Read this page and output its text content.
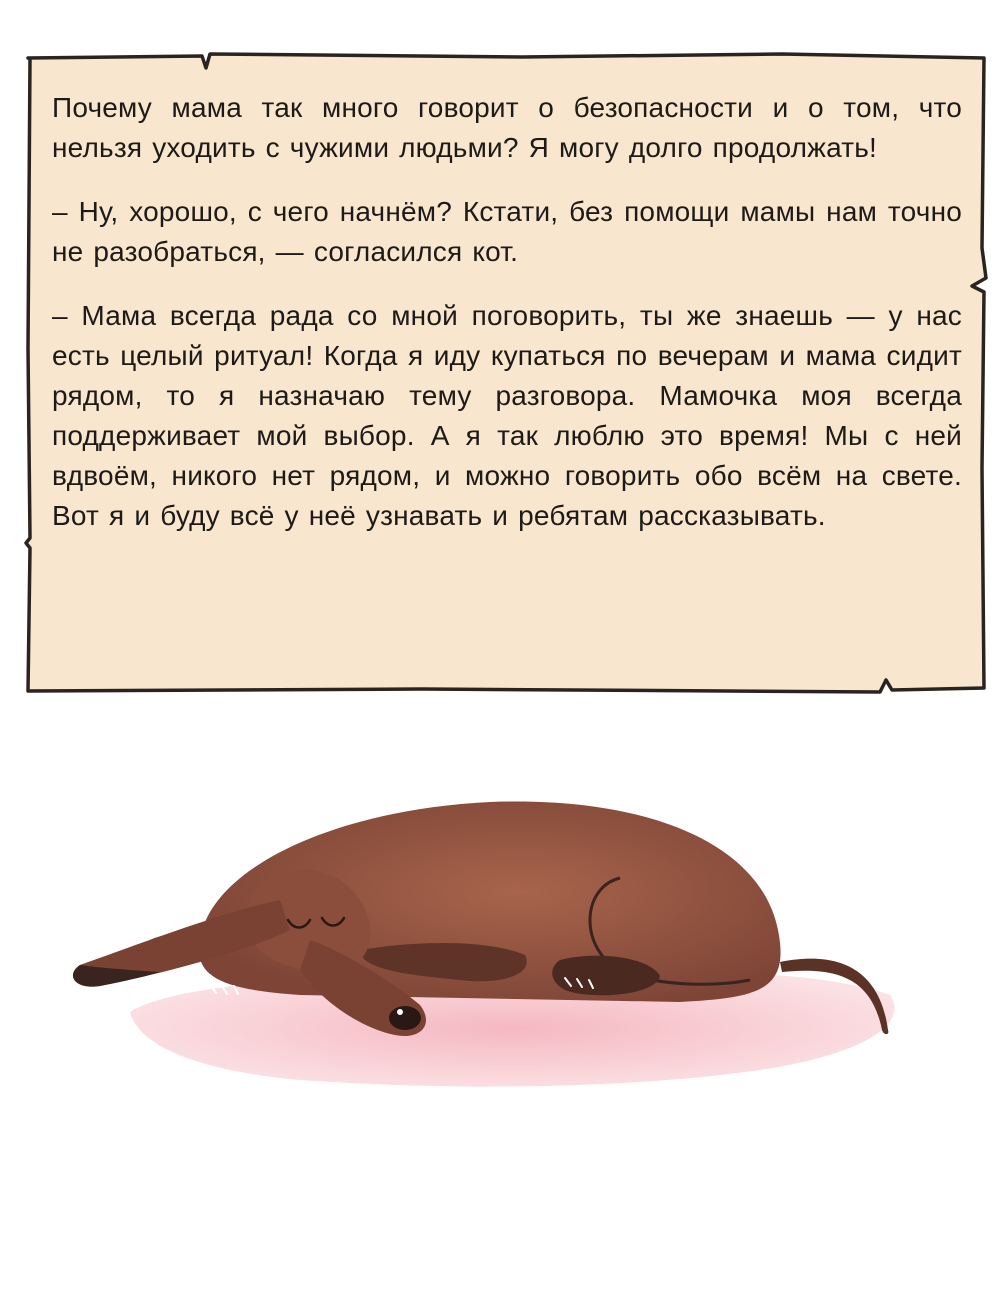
Почему мама так много говорит о безопасности и о том, что нельзя уходить с чужими людьми? Я могу долго продолжать!

– Ну, хорошо, с чего начнём? Кстати, без помощи мамы нам точно не разобраться, — согласился кот.

– Мама всегда рада со мной поговорить, ты же знаешь — у нас есть целый ритуал! Когда я иду купаться по вечерам и мама сидит рядом, то я назначаю тему разговора. Мамочка моя всегда поддерживает мой выбор. А я так люблю это время! Мы с ней вдвоём, никого нет рядом, и можно говорить обо всём на свете. Вот я и буду всё у неё узнавать и ребятам рассказывать.
